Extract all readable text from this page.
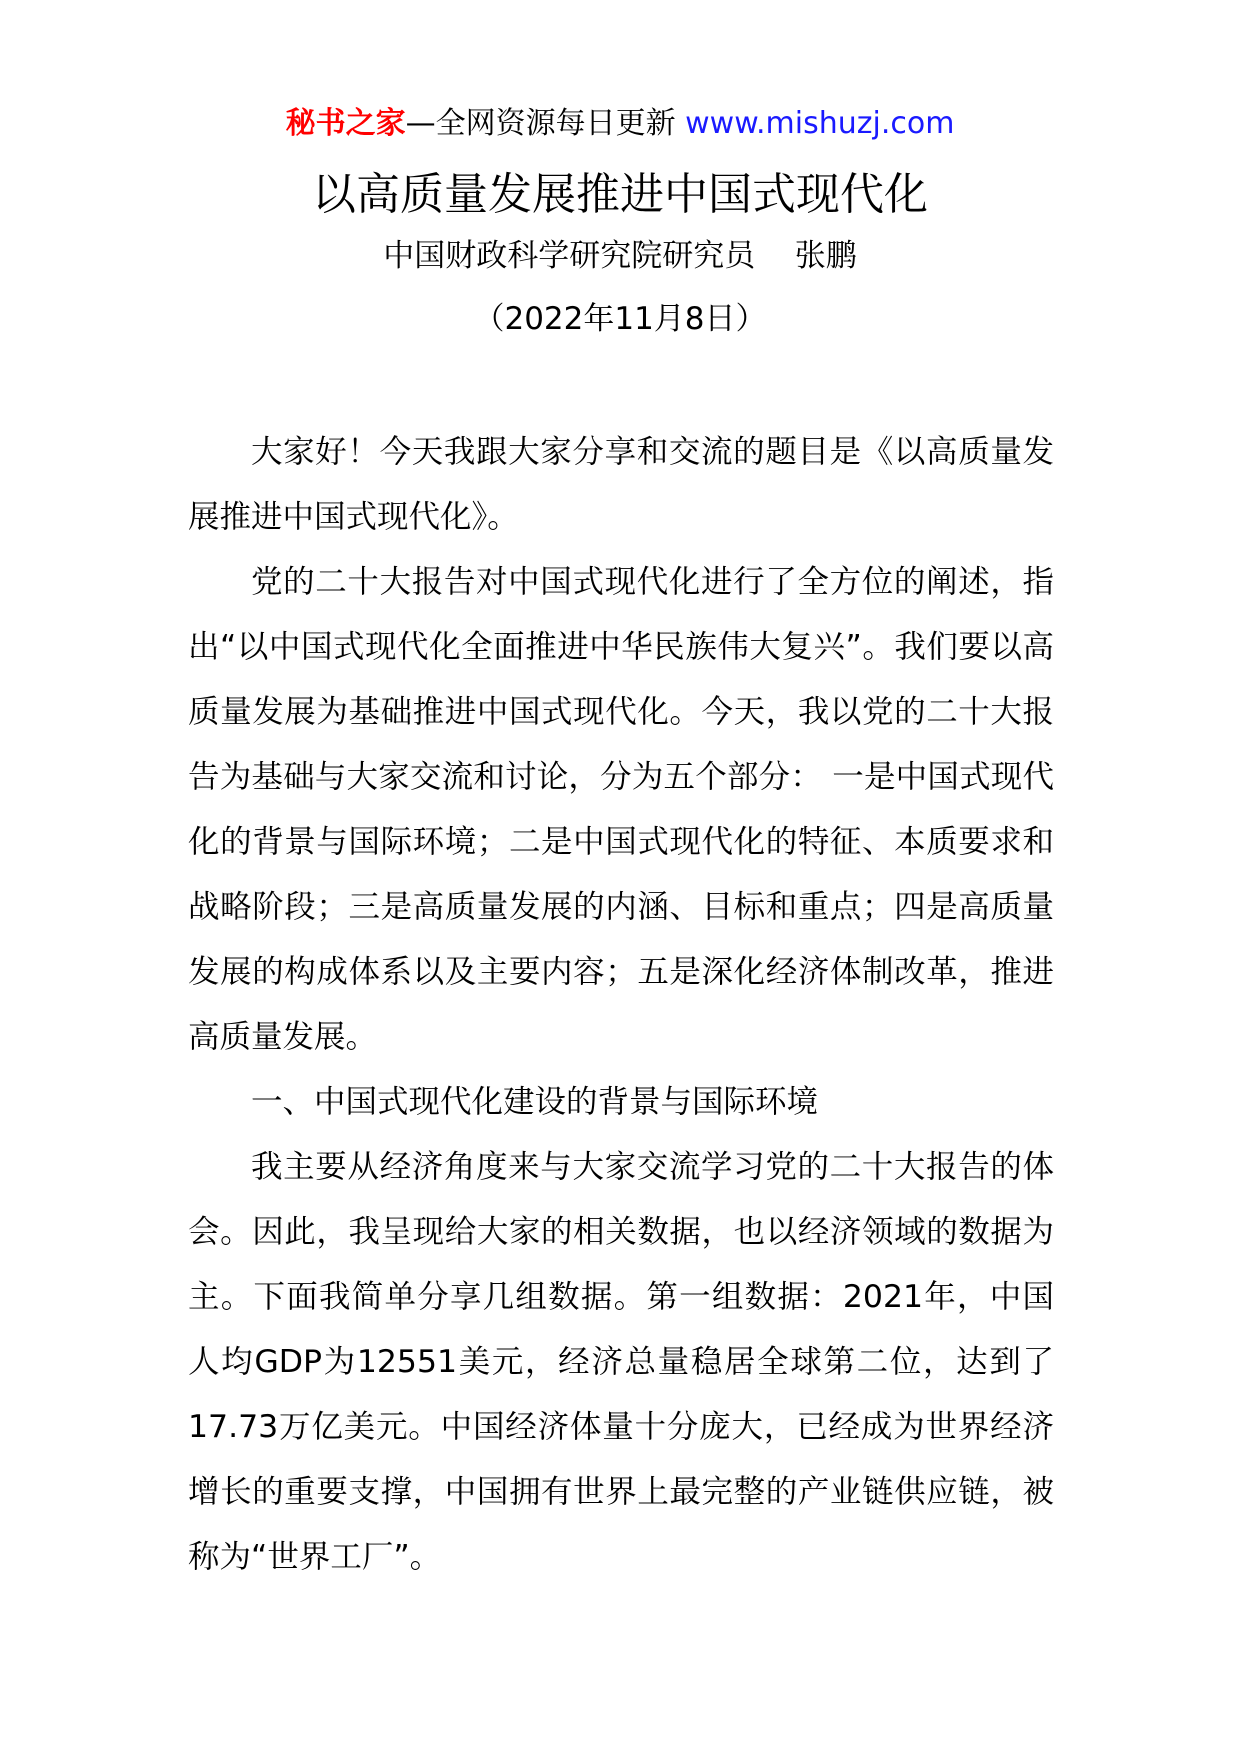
秘书之家—全网资源每日更新 www.mishuzj.com
以高质量发展推进中国式现代化
中国财政科学研究院研究员    张鹏
（2022年11月8日）

大家好！今天我跟大家分享和交流的题目是《以高质量发展推进中国式现代化》。

党的二十大报告对中国式现代化进行了全方位的阐述，指出“以中国式现代化全面推进中华民族伟大复兴”。我们要以高质量发展为基础推进中国式现代化。今天，我以党的二十大报告为基础与大家交流和讨论，分为五个部分： 一是中国式现代化的背景与国际环境；二是中国式现代化的特征、本质要求和战略阶段；三是高质量发展的内涵、目标和重点；四是高质量发展的构成体系以及主要内容；五是深化经济体制改革，推进高质量发展。

一、中国式现代化建设的背景与国际环境

我主要从经济角度来与大家交流学习党的二十大报告的体会。因此，我呈现给大家的相关数据，也以经济领域的数据为主。下面我简单分享几组数据。第一组数据：2021年，中国人均GDP为12551美元，经济总量稳居全球第二位，达到了17.73万亿美元。中国经济体量十分庞大，已经成为世界经济增长的重要支撑，中国拥有世界上最完整的产业链供应链，被称为“世界工厂”。
